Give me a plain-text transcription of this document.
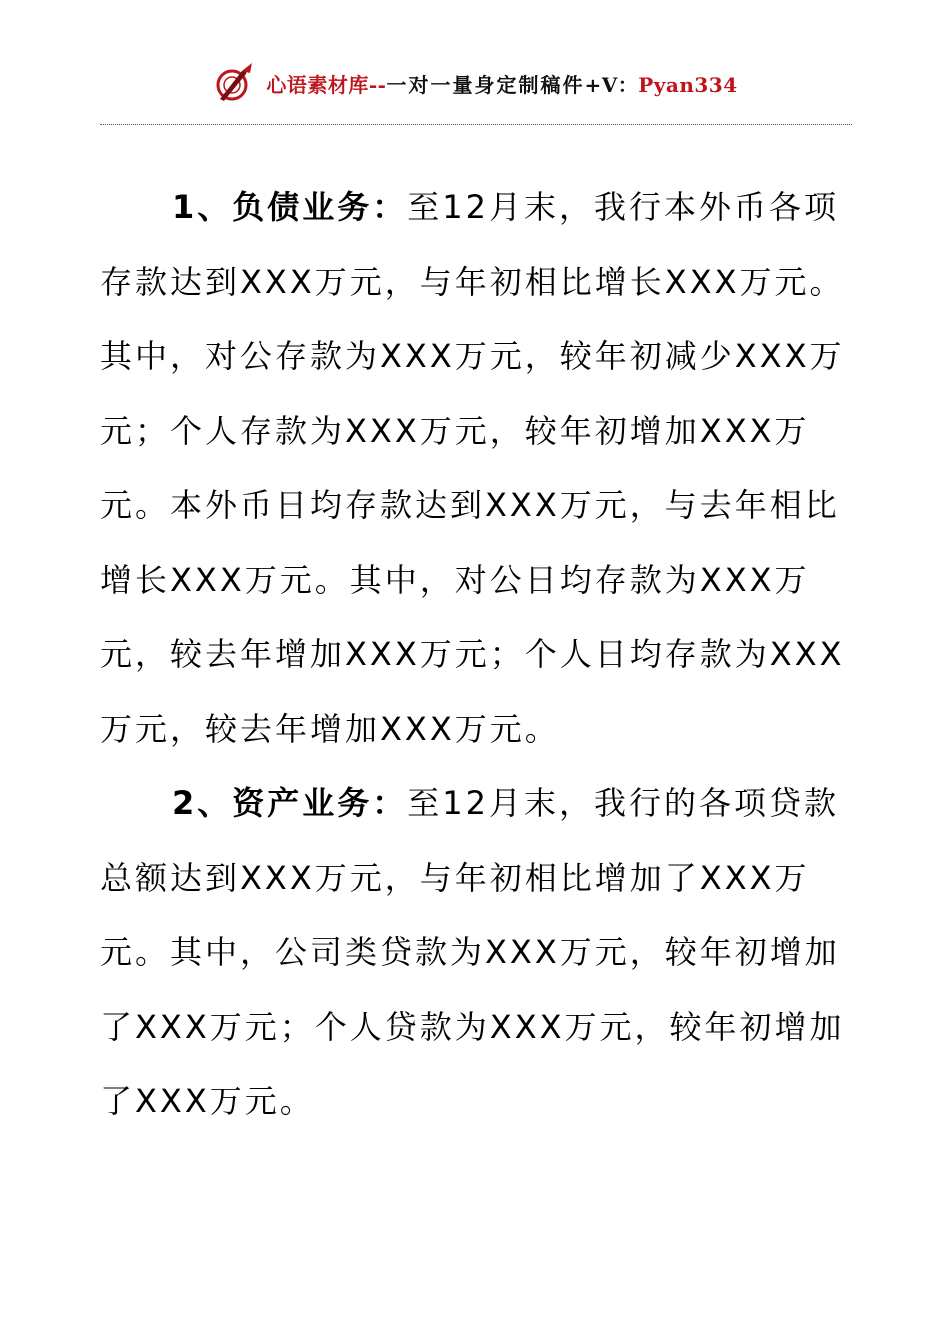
心语素材库--一对一量身定制稿件+V：Pyan334

1、负债业务：至12月末，我行本外币各项存款达到XXX万元，与年初相比增长XXX万元。其中，对公存款为XXX万元，较年初减少XXX万元；个人存款为XXX万元，较年初增加XXX万元。本外币日均存款达到XXX万元，与去年相比增长XXX万元。其中，对公日均存款为XXX万元，较去年增加XXX万元；个人日均存款为XXX万元，较去年增加XXX万元。

2、资产业务：至12月末，我行的各项贷款总额达到XXX万元，与年初相比增加了XXX万元。其中，公司类贷款为XXX万元，较年初增加了XXX万元；个人贷款为XXX万元，较年初增加了XXX万元。
